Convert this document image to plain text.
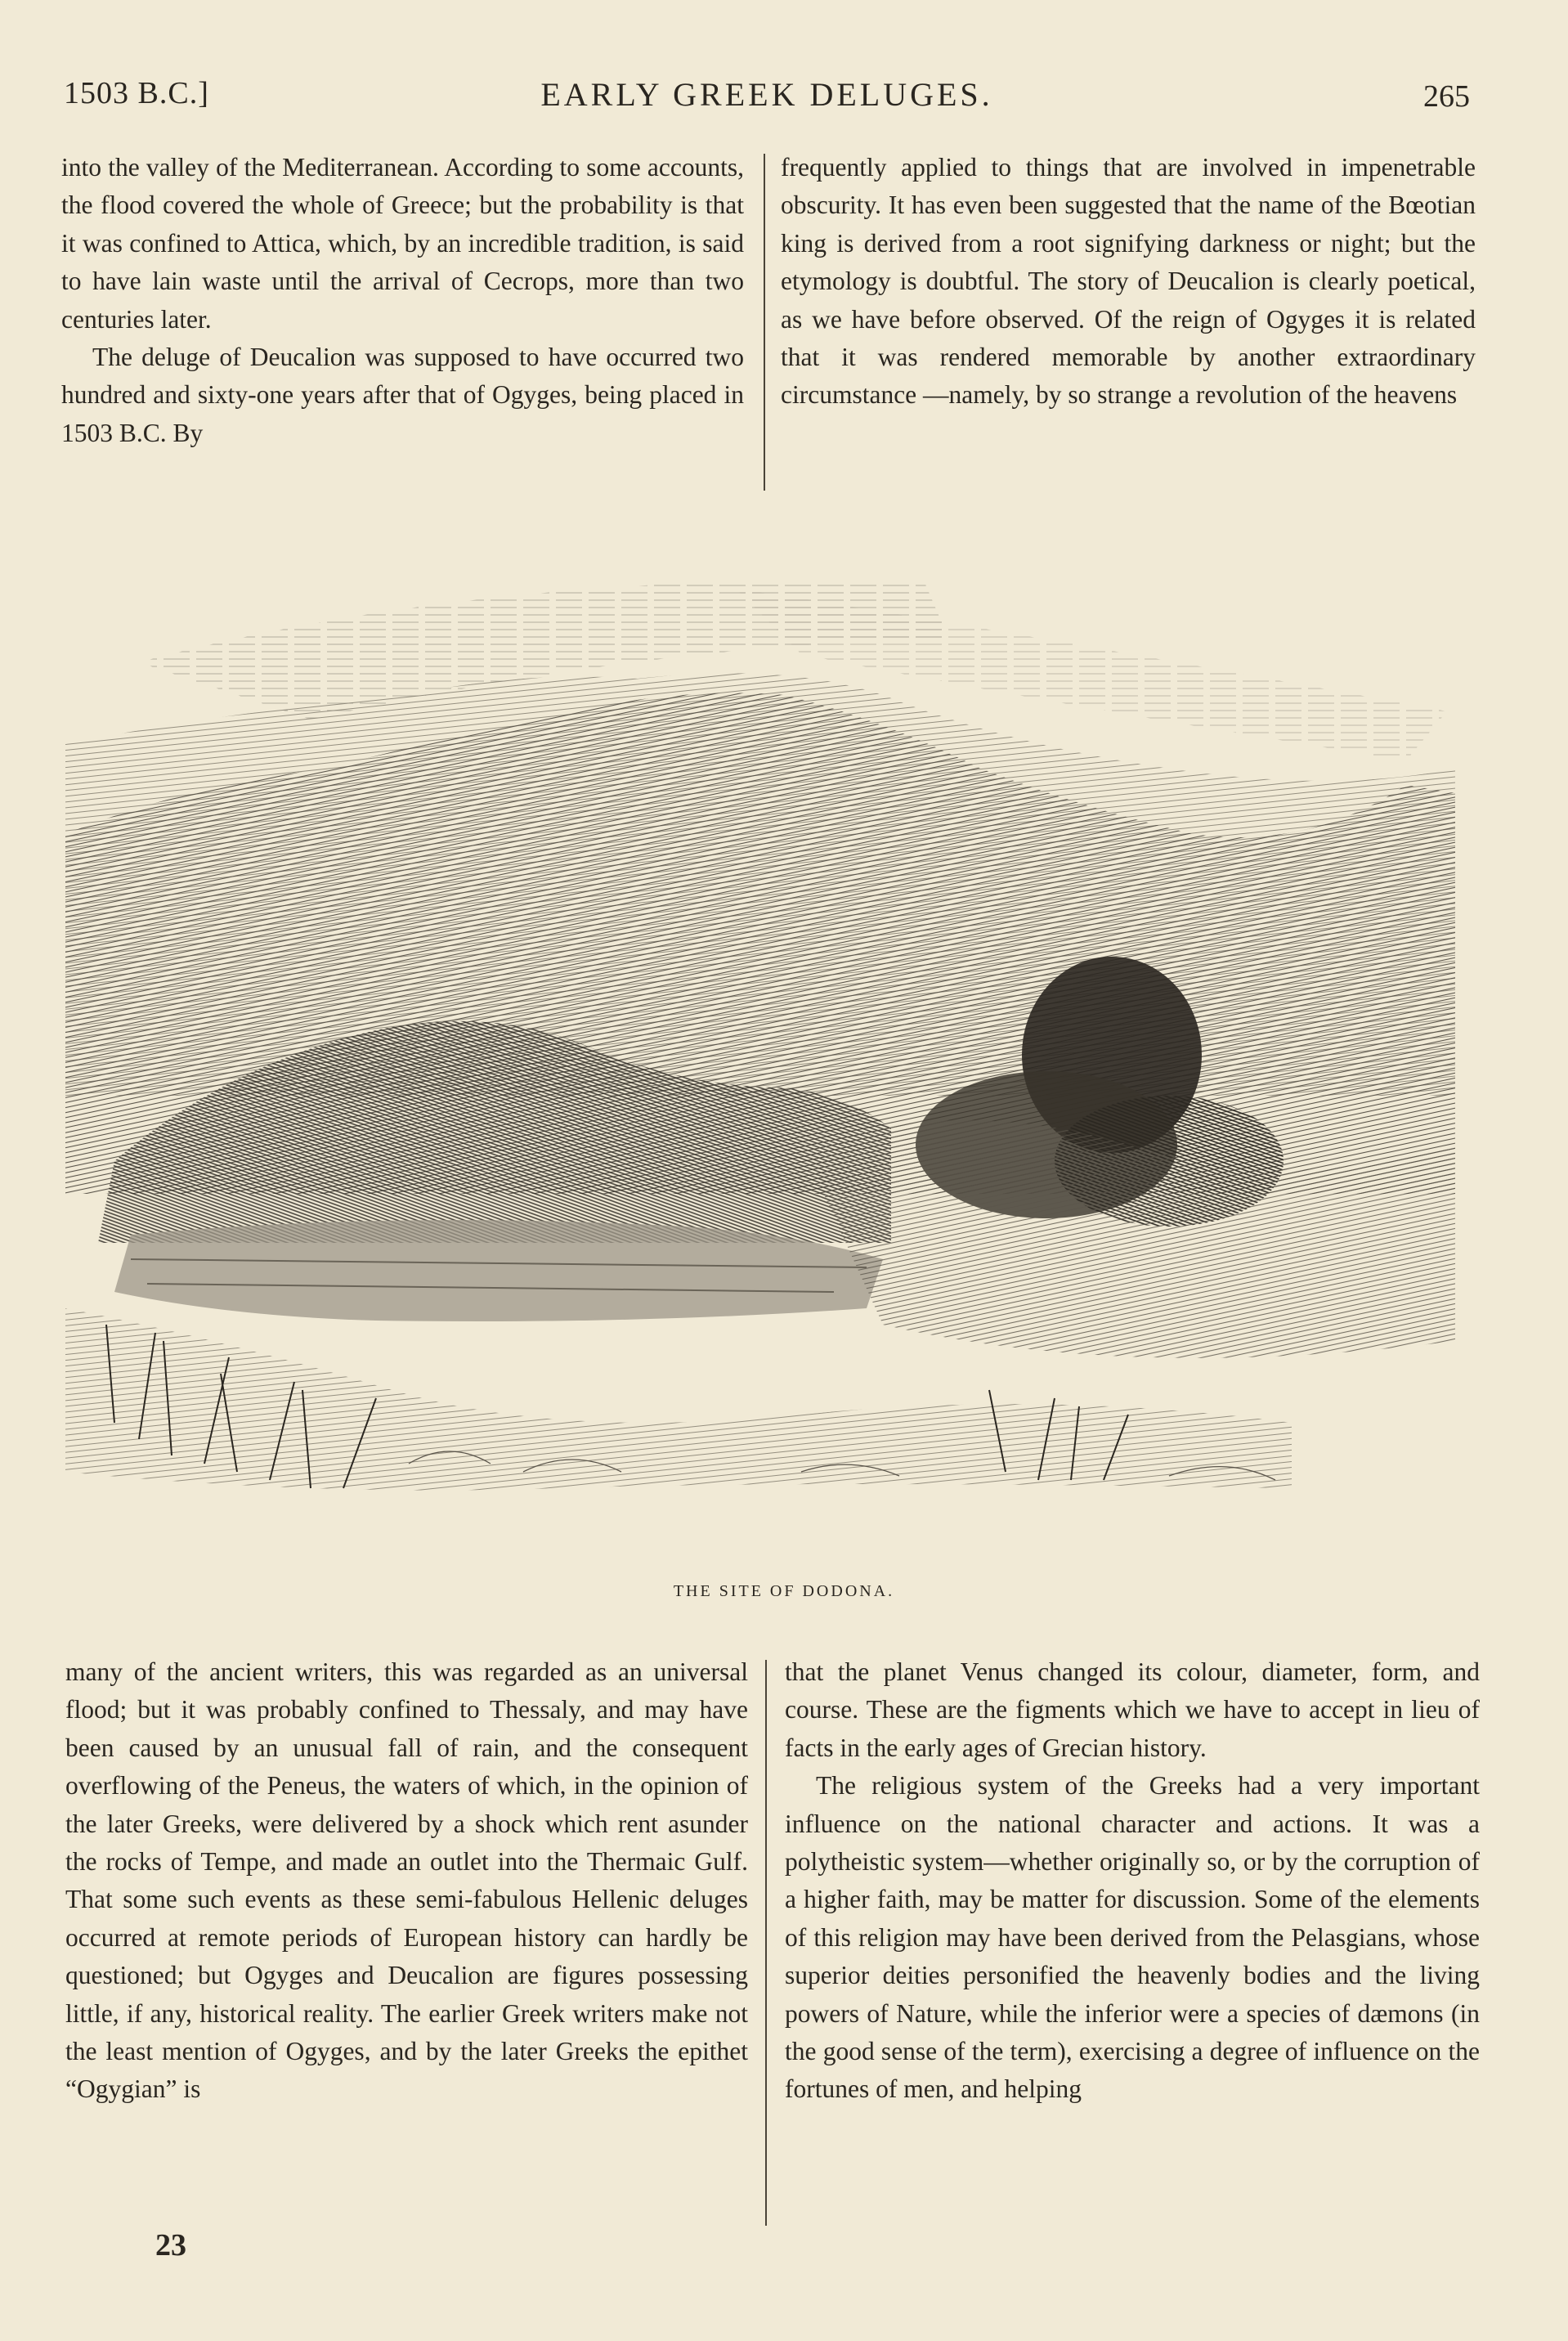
1503 B.C.]	EARLY GREEK DELUGES.	265

into the valley of the Mediterranean. According to some accounts, the flood covered the whole of Greece; but the probability is that it was confined to Attica, which, by an incredible tradition, is said to have lain waste until the arrival of Cecrops, more than two centuries later.

The deluge of Deucalion was supposed to have occurred two hundred and sixty-one years after that of Ogyges, being placed in 1503 B.C. By

frequently applied to things that are involved in impenetrable obscurity. It has even been suggested that the name of the Bœotian king is derived from a root signifying darkness or night; but the etymology is doubtful. The story of Deucalion is clearly poetical, as we have before observed. Of the reign of Ogyges it is related that it was rendered memorable by another extraordinary circumstance —namely, by so strange a revolution of the heavens

THE SITE OF DODONA.

many of the ancient writers, this was regarded as an universal flood; but it was probably confined to Thessaly, and may have been caused by an unusual fall of rain, and the consequent overflowing of the Peneus, the waters of which, in the opinion of the later Greeks, were delivered by a shock which rent asunder the rocks of Tempe, and made an outlet into the Thermaic Gulf. That some such events as these semi-fabulous Hellenic deluges occurred at remote periods of European history can hardly be questioned; but Ogyges and Deucalion are figures possessing little, if any, historical reality. The earlier Greek writers make not the least mention of Ogyges, and by the later Greeks the epithet “Ogygian” is

that the planet Venus changed its colour, diameter, form, and course. These are the figments which we have to accept in lieu of facts in the early ages of Grecian history.

The religious system of the Greeks had a very important influence on the national character and actions. It was a polytheistic system—whether originally so, or by the corruption of a higher faith, may be matter for discussion. Some of the elements of this religion may have been derived from the Pelasgians, whose superior deities personified the heavenly bodies and the living powers of Nature, while the inferior were a species of dæmons (in the good sense of the term), exercising a degree of influence on the fortunes of men, and helping

23
